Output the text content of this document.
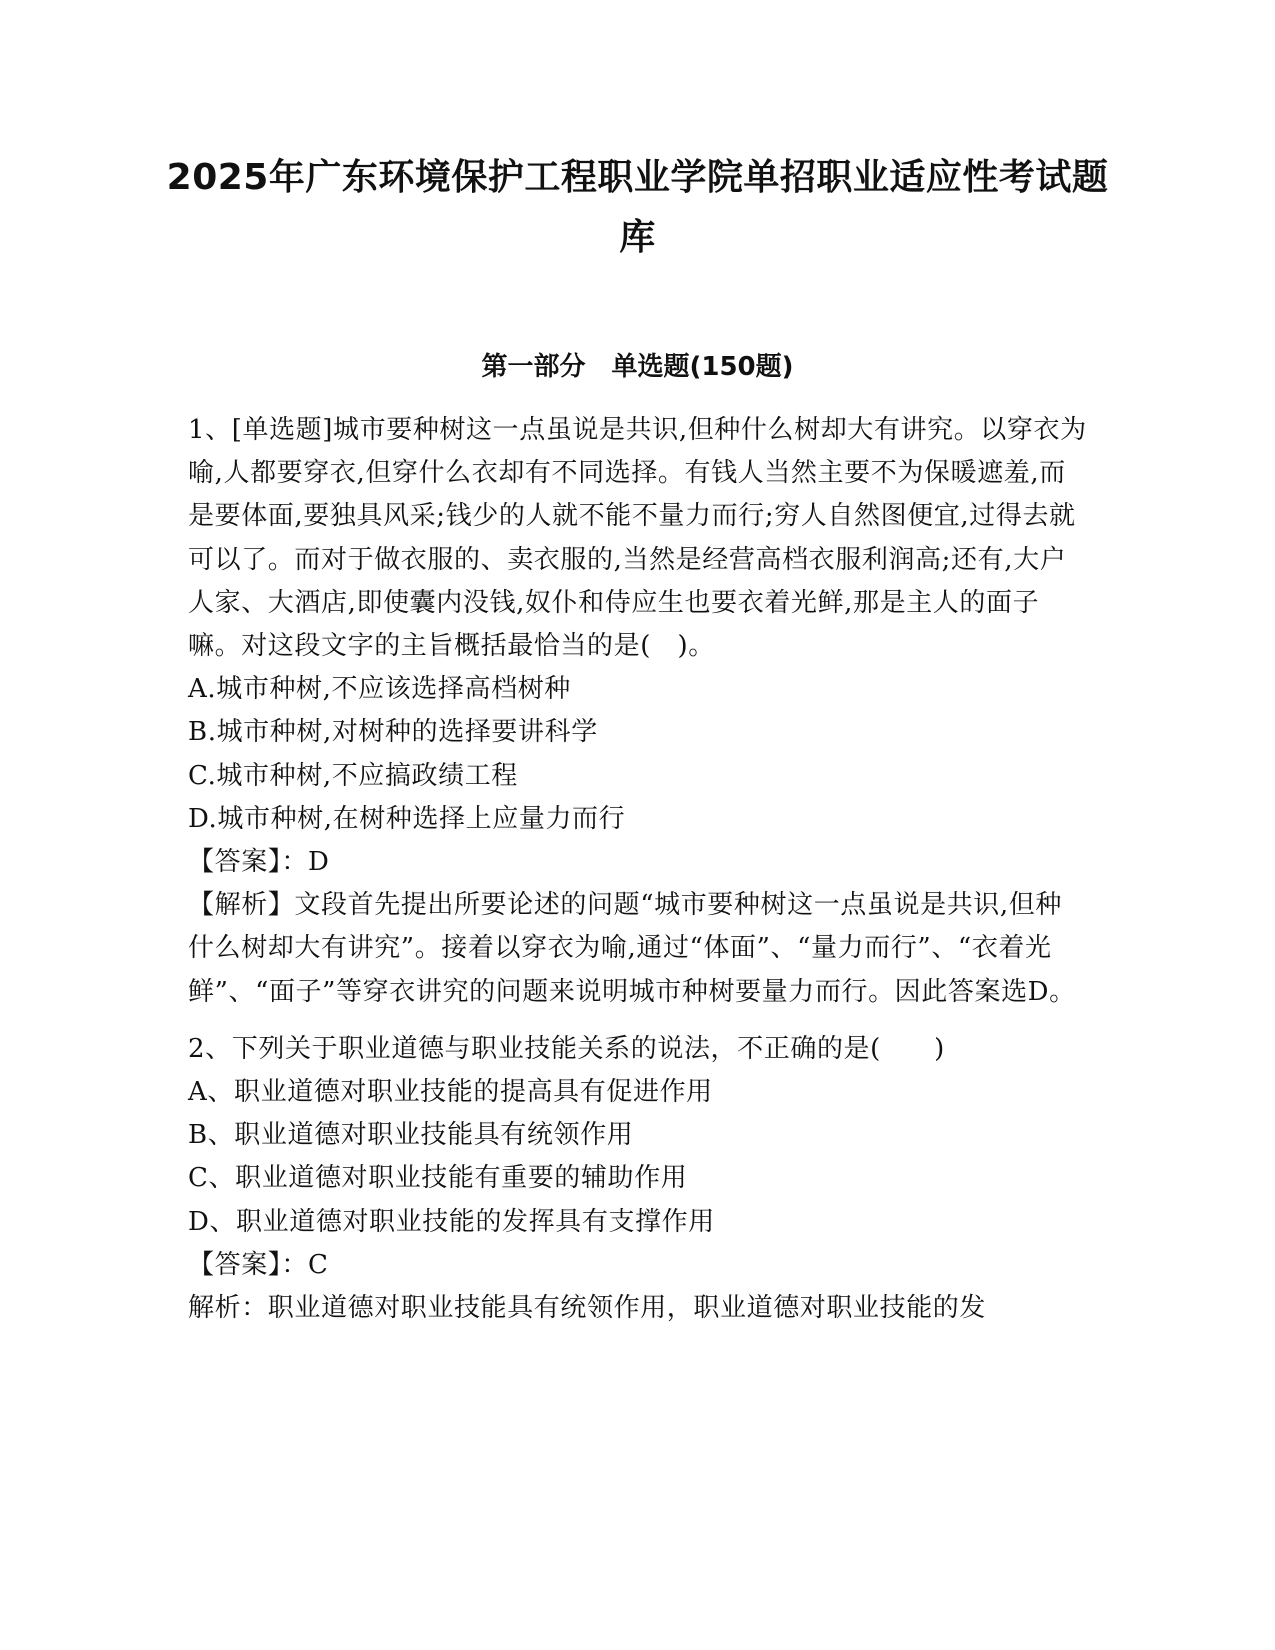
2025年广东环境保护工程职业学院单招职业适应性考试题库
第一部分　单选题(150题)

1、[单选题]城市要种树这一点虽说是共识,但种什么树却大有讲究。以穿衣为喻,人都要穿衣,但穿什么衣却有不同选择。有钱人当然主要不为保暖遮羞,而是要体面,要独具风采;钱少的人就不能不量力而行;穷人自然图便宜,过得去就可以了。而对于做衣服的、卖衣服的,当然是经营高档衣服利润高;还有,大户人家、大酒店,即使囊内没钱,奴仆和侍应生也要衣着光鲜,那是主人的面子嘛。对这段文字的主旨概括最恰当的是(　)。

A.城市种树,不应该选择高档树种

B.城市种树,对树种的选择要讲科学

C.城市种树,不应搞政绩工程

D.城市种树,在树种选择上应量力而行

【答案】：D

【解析】文段首先提出所要论述的问题“城市要种树这一点虽说是共识,但种什么树却大有讲究”。接着以穿衣为喻,通过“体面”、“量力而行”、“衣着光鲜”、“面子”等穿衣讲究的问题来说明城市种树要量力而行。因此答案选D。

2、下列关于职业道德与职业技能关系的说法，不正确的是(　　)

A、职业道德对职业技能的提高具有促进作用

B、职业道德对职业技能具有统领作用

C、职业道德对职业技能有重要的辅助作用

D、职业道德对职业技能的发挥具有支撑作用

【答案】：C

解析：职业道德对职业技能具有统领作用，职业道德对职业技能的发
